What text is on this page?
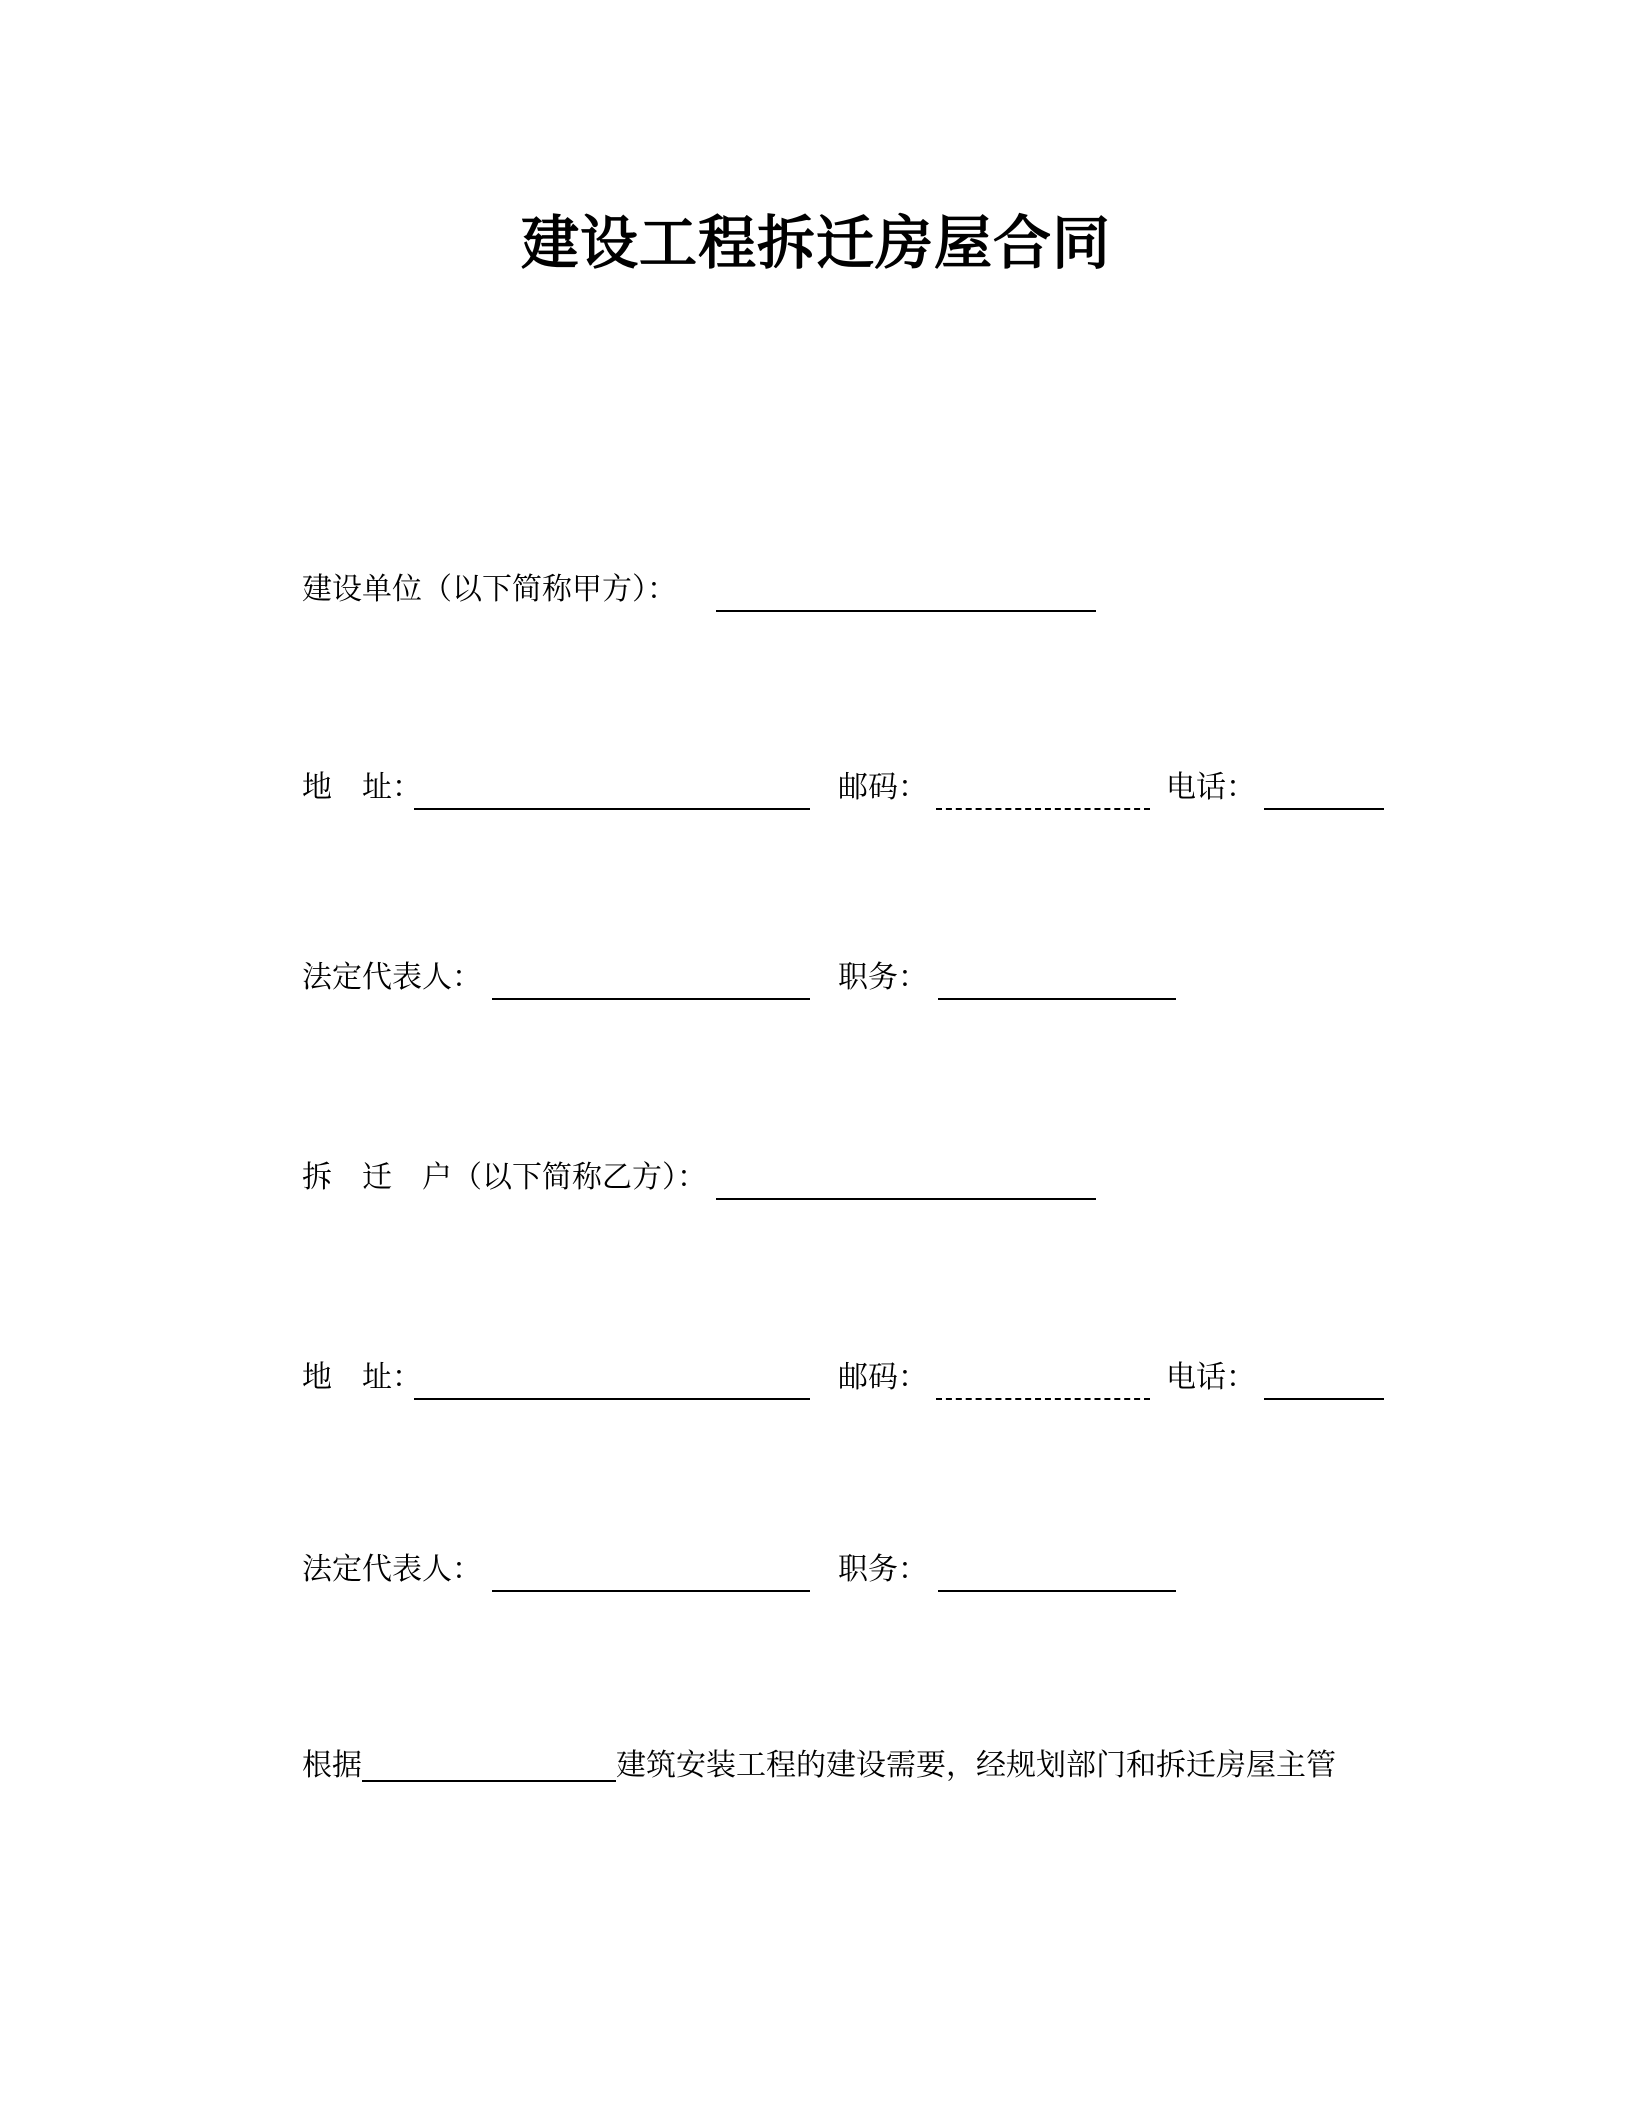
建设工程拆迁房屋合同
建设单位（以下简称甲方）：
地　址：	邮码：	电话：
法定代表人：	职务：
拆　迁　户（以下简称乙方）：
地　址：	邮码：	电话：
法定代表人：	职务：
根据	建筑安装工程的建设需要，经规划部门和拆迁房屋主管
